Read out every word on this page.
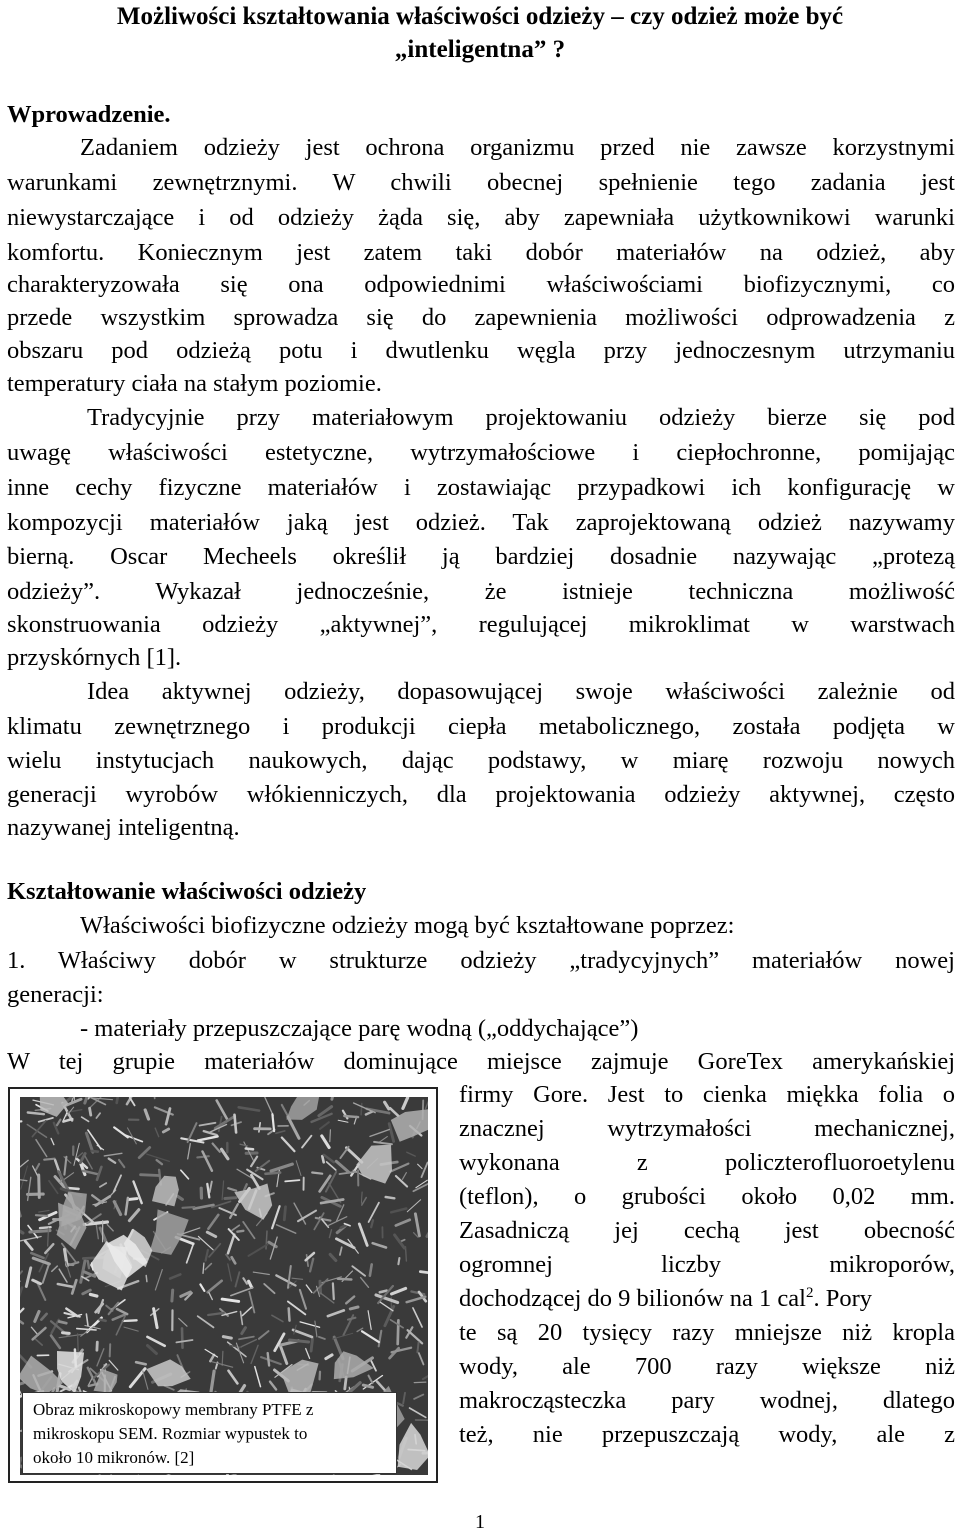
Możliwości kształtowania właściwości odzieży – czy odzież może być
„inteligentna” ?
Wprowadzenie.
Zadaniem odzieży jest ochrona organizmu przed nie zawsze korzystnymi
warunkami zewnętrznymi. W chwili obecnej spełnienie tego zadania jest
niewystarczające i od odzieży żąda się, aby zapewniała użytkownikowi warunki
komfortu. Koniecznym jest zatem taki dobór materiałów na odzież, aby
charakteryzowała się ona odpowiednimi właściwościami biofizycznymi, co
przede wszystkim sprowadza się do zapewnienia możliwości odprowadzenia z
obszaru pod odzieżą potu i dwutlenku węgla przy jednoczesnym utrzymaniu
temperatury ciała na stałym poziomie.
Tradycyjnie przy materiałowym projektowaniu odzieży bierze się pod
uwagę właściwości estetyczne, wytrzymałościowe i ciepłochronne, pomijając
inne cechy fizyczne materiałów i zostawiając przypadkowi ich konfigurację w
kompozycji materiałów jaką jest odzież. Tak zaprojektowaną odzież nazywamy
bierną. Oscar Mecheels określił ją bardziej dosadnie nazywając „protezą
odzieży”. Wykazał jednocześnie, że istnieje techniczna możliwość
skonstruowania odzieży „aktywnej”, regulującej mikroklimat w warstwach
przyskórnych [1].
Idea aktywnej odzieży, dopasowującej swoje właściwości zależnie od
klimatu zewnętrznego i produkcji ciepła metabolicznego, została podjęta w
wielu instytucjach naukowych, dając podstawy, w miarę rozwoju nowych
generacji wyrobów włókienniczych, dla projektowania odzieży aktywnej, często
nazywanej inteligentną.
Kształtowanie właściwości odzieży
Właściwości biofizyczne odzieży mogą być kształtowane poprzez:
1. Właściwy dobór w strukturze odzieży „tradycyjnych” materiałów nowej
generacji:
- materiały przepuszczające parę wodną („oddychające”)
W tej grupie materiałów dominujące miejsce zajmuje GoreTex amerykańskiej
firmy Gore. Jest to cienka miękka folia o
znacznej wytrzymałości mechanicznej,
wykonana z policzterofluoroetylenu
(teflon), o grubości około 0,02 mm.
Zasadniczą jej cechą jest obecność
ogromnej liczby mikroporów,
dochodzącej do 9 bilionów na 1 cal$^2$. Pory
te są 20 tysięcy razy mniejsze niż kropla
wody, ale 700 razy większe niż
makrocząsteczka pary wodnej, dlatego
też, nie przepuszczają wody, ale z
Obraz mikroskopowy membrany PTFE z
mikroskopu SEM. Rozmiar wypustek to
około 10 mikronów. [2]
1
